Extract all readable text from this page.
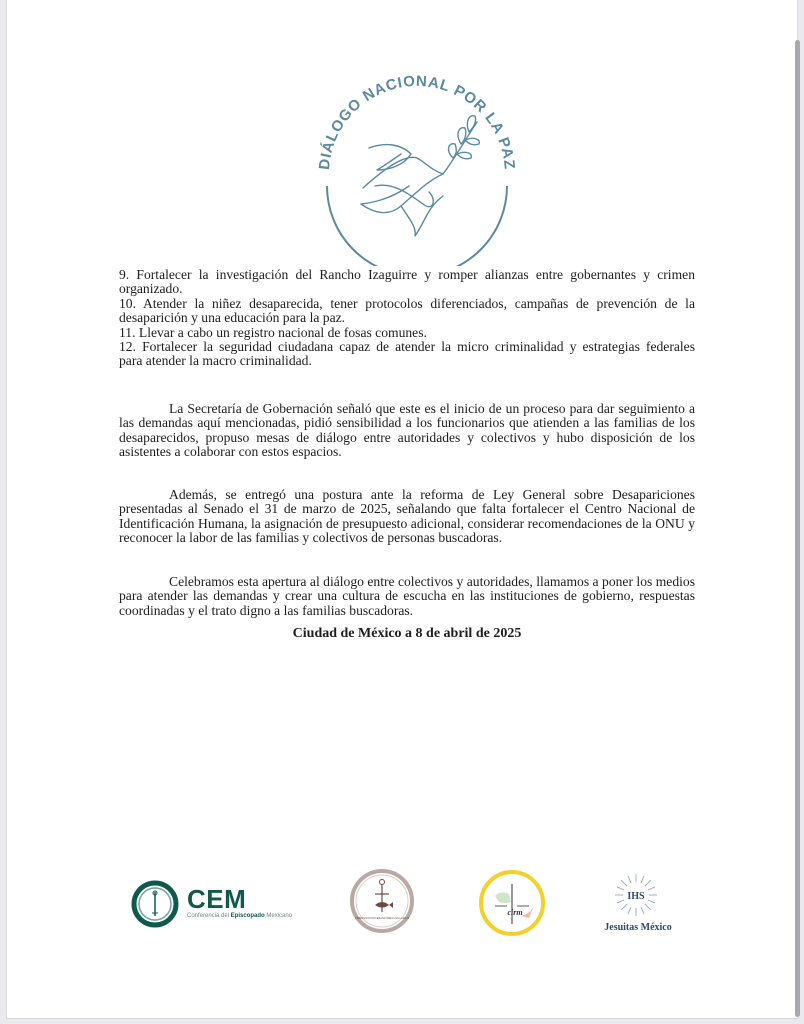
DIÁLOGO NACIONAL POR LA PAZ

9. Fortalecer la investigación del Rancho Izaguirre y romper alianzas entre gobernantes y crimen

organizado.

10. Atender la niñez desaparecida, tener protocolos diferenciados, campañas de prevención de la

desaparición y una educación para la paz.

11. Llevar a cabo un registro nacional de fosas comunes.

12. Fortalecer la seguridad ciudadana capaz de atender la micro criminalidad y estrategias federales

para atender la macro criminalidad.

La Secretaría de Gobernación señaló que este es el inicio de un proceso para dar seguimiento a las demandas aquí mencionadas, pidió sensibilidad a los funcionarios que atienden a las familias de los desaparecidos, propuso mesas de diálogo entre autoridades y colectivos y hubo disposición de los asistentes a colaborar con estos espacios.

Además, se entregó una postura ante la reforma de Ley General sobre Desapariciones presentadas al Senado el 31 de marzo de 2025, señalando que falta fortalecer el Centro Nacional de Identificación Humana, la asignación de presupuesto adicional, considerar recomendaciones de la ONU y reconocer la labor de las familias y colectivos de personas buscadoras.

Celebramos esta apertura al diálogo entre colectivos y autoridades, llamamos a poner los medios para atender las demandas y crear una cultura de escucha en las instituciones de gobierno, respuestas coordinadas y el trato digno a las familias buscadoras.

Ciudad de México a 8 de abril de 2025
CEM
Conferencia del Episcopado Mexicano	DIMENSIÓN DIOCESANA PARA LOS LAICOS
cirm
IHS
Jesuitas México
